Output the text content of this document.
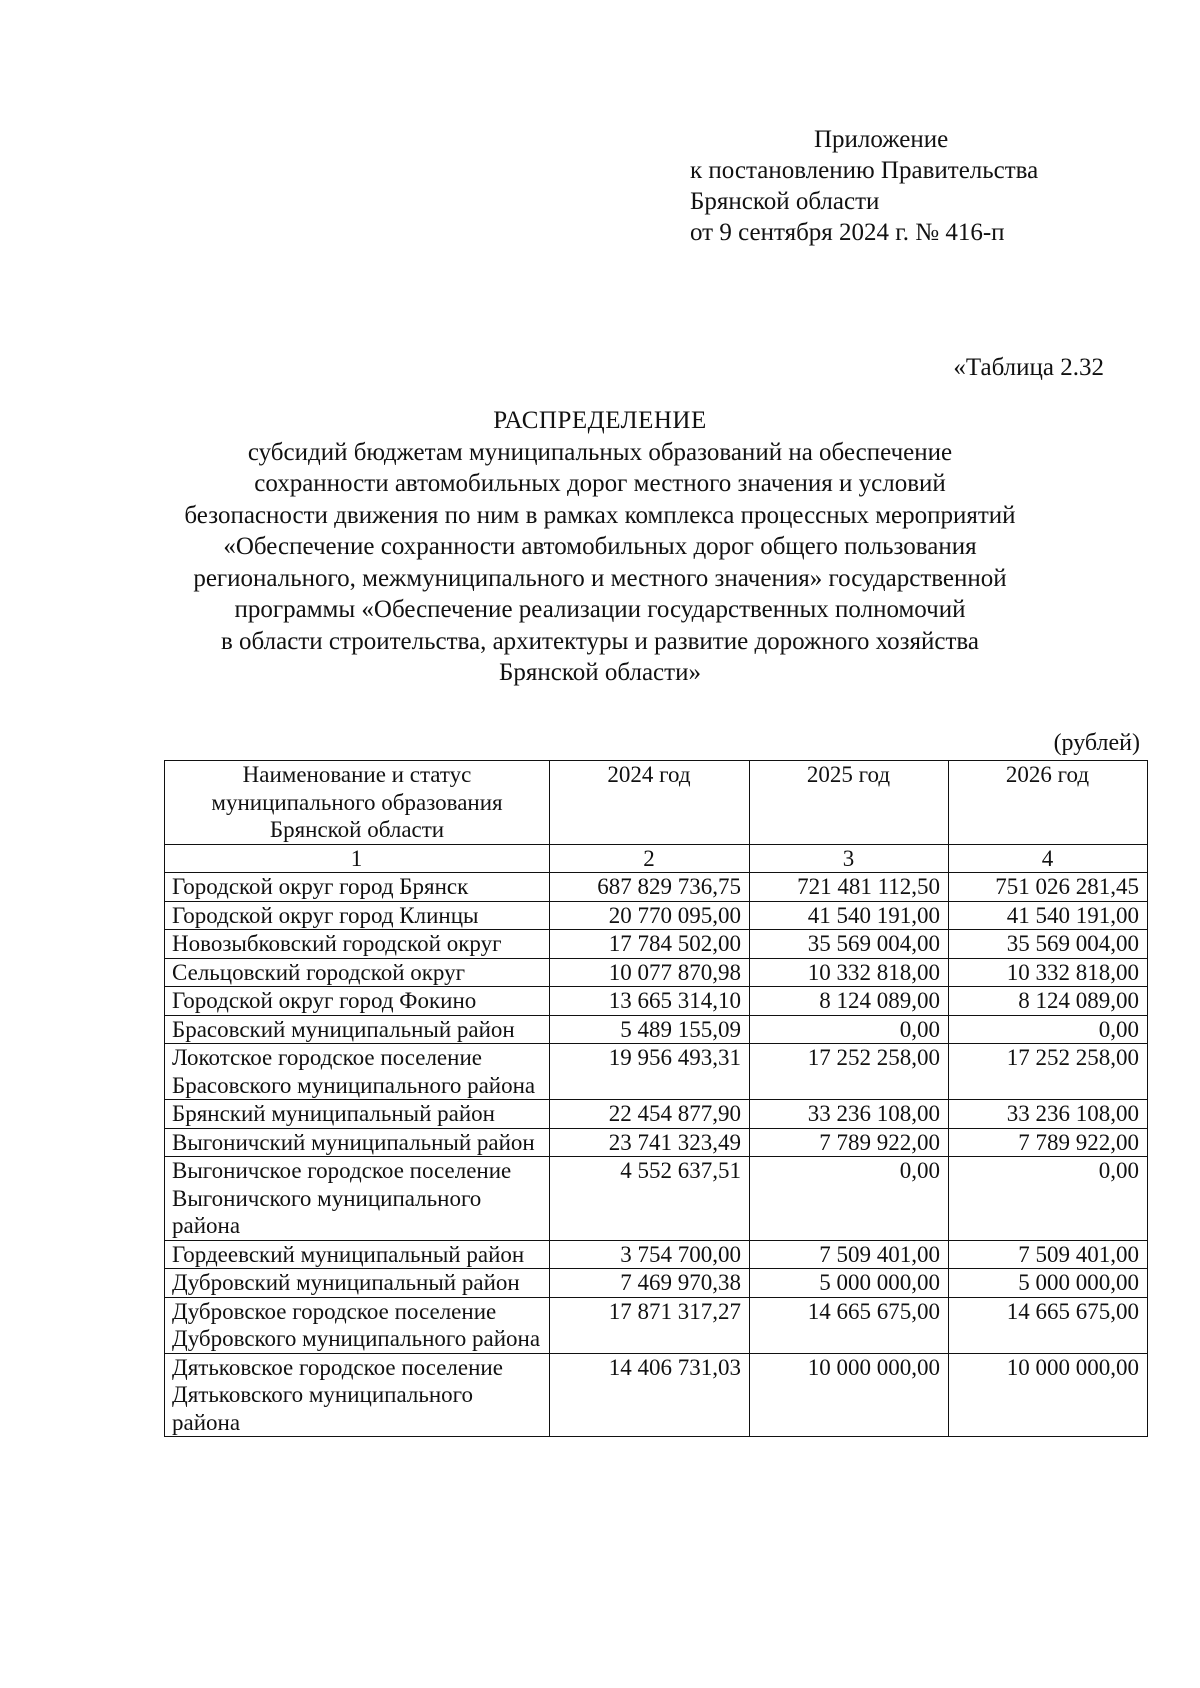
Приложение
к постановлению Правительства
Брянской области
от 9 сентября 2024 г. № 416-п
«Таблица 2.32
РАСПРЕДЕЛЕНИЕ
субсидий бюджетам муниципальных образований на обеспечение
сохранности автомобильных дорог местного значения и условий
безопасности движения по ним в рамках комплекса процессных мероприятий
«Обеспечение сохранности автомобильных дорог общего пользования
регионального, межмуниципального и местного значения» государственной
программы «Обеспечение реализации государственных полномочий
в области строительства, архитектуры и развитие дорожного хозяйства
Брянской области»
(рублей)
Наименование и статус муниципального образования Брянской области	2024 год	2025 год	2026 год
1	2	3	4
Городской округ город Брянск	687 829 736,75	721 481 112,50	751 026 281,45
Городской округ город Клинцы	20 770 095,00	41 540 191,00	41 540 191,00
Новозыбковский городской округ	17 784 502,00	35 569 004,00	35 569 004,00
Сельцовский городской округ	10 077 870,98	10 332 818,00	10 332 818,00
Городской округ город Фокино	13 665 314,10	8 124 089,00	8 124 089,00
Брасовский муниципальный район	5 489 155,09	0,00	0,00
Локотское городское поселение Брасовского муниципального района	19 956 493,31	17 252 258,00	17 252 258,00
Брянский муниципальный район	22 454 877,90	33 236 108,00	33 236 108,00
Выгоничский муниципальный район	23 741 323,49	7 789 922,00	7 789 922,00
Выгоничское городское поселение Выгоничского муниципального района	4 552 637,51	0,00	0,00
Гордеевский муниципальный район	3 754 700,00	7 509 401,00	7 509 401,00
Дубровский муниципальный район	7 469 970,38	5 000 000,00	5 000 000,00
Дубровское городское поселение Дубровского муниципального района	17 871 317,27	14 665 675,00	14 665 675,00
Дятьковское городское поселение Дятьковского муниципального района	14 406 731,03	10 000 000,00	10 000 000,00
